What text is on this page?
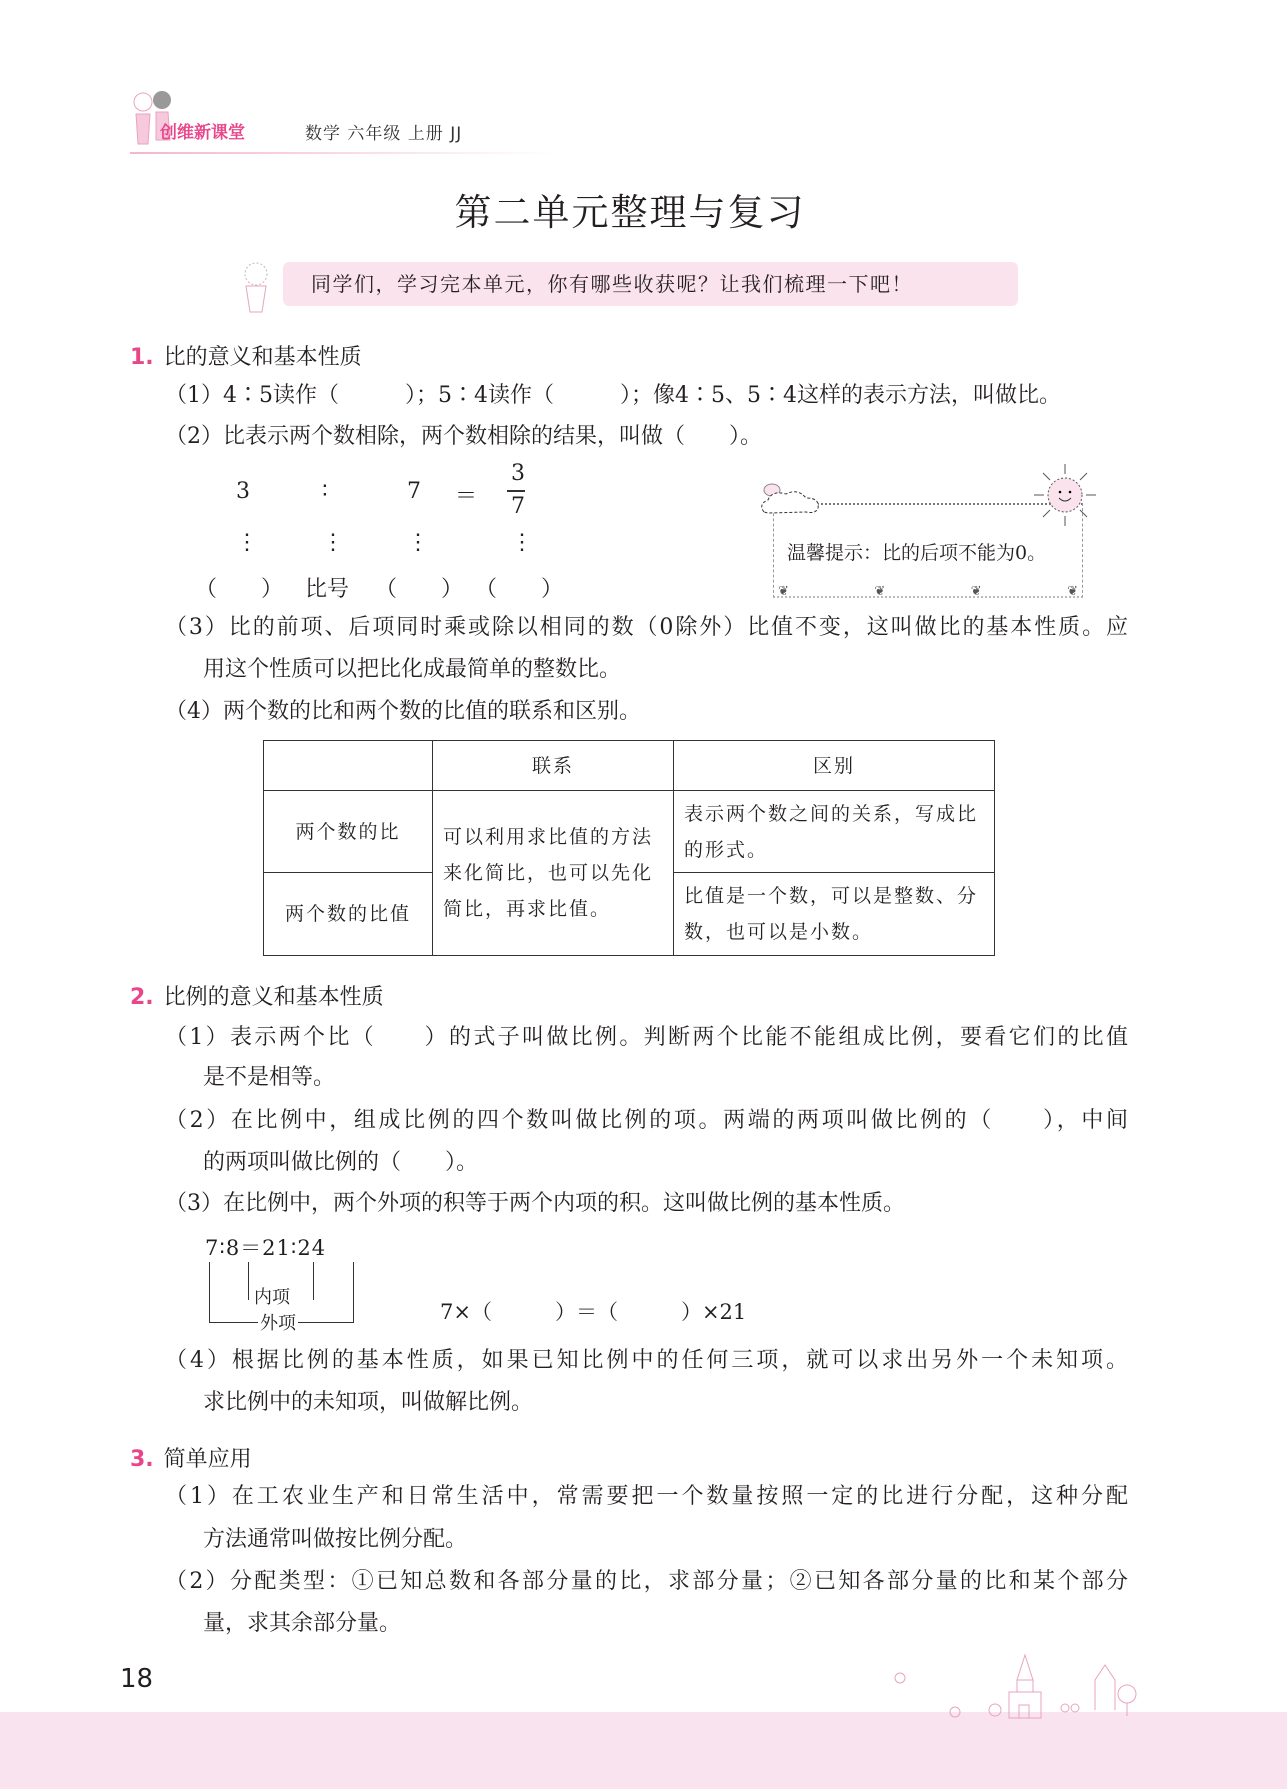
创维新课堂	数学 六年级 上册 JJ
第二单元整理与复习
同学们，学习完本单元，你有哪些收获呢？让我们梳理一下吧！
1. 比的意义和基本性质
（1）4∶5读作（　　　）；5∶4读作（　　　）；像4∶5、5∶4这样的表示方法，叫做比。
（2）比表示两个数相除，两个数相除的结果，叫做（　　）。
3	∶	7 ＝
3
7
⋮	⋮	⋮	⋮
（　　） 比号 （　　） （　　）
温馨提示：比的后项不能为0。
❦	❦	❦	❦
（3）比的前项、后项同时乘或除以相同的数（0除外）比值不变，这叫做比的基本性质。应
用这个性质可以把比化成最简单的整数比。
（4）两个数的比和两个数的比值的联系和区别。
	联系	区别
两个数的比	可以利用求比值的方法来化简比，也可以先化简比，再求比值。	表示两个数之间的关系，写成比的形式。
两个数的比值		比值是一个数，可以是整数、分数，也可以是小数。
2. 比例的意义和基本性质
（1）表示两个比（　　）的式子叫做比例。判断两个比能不能组成比例，要看它们的比值
是不是相等。
（2）在比例中，组成比例的四个数叫做比例的项。两端的两项叫做比例的（　　），中间
的两项叫做比例的（　　）。
（3）在比例中，两个外项的积等于两个内项的积。这叫做比例的基本性质。
7∶8＝21∶24
内项
外项	7×（　　　）＝（　　　）×21
（4）根据比例的基本性质，如果已知比例中的任何三项，就可以求出另外一个未知项。
求比例中的未知项，叫做解比例。
3. 简单应用
（1）在工农业生产和日常生活中，常需要把一个数量按照一定的比进行分配，这种分配
方法通常叫做按比例分配。
（2）分配类型：①已知总数和各部分量的比，求部分量；②已知各部分量的比和某个部分
量，求其余部分量。
18
